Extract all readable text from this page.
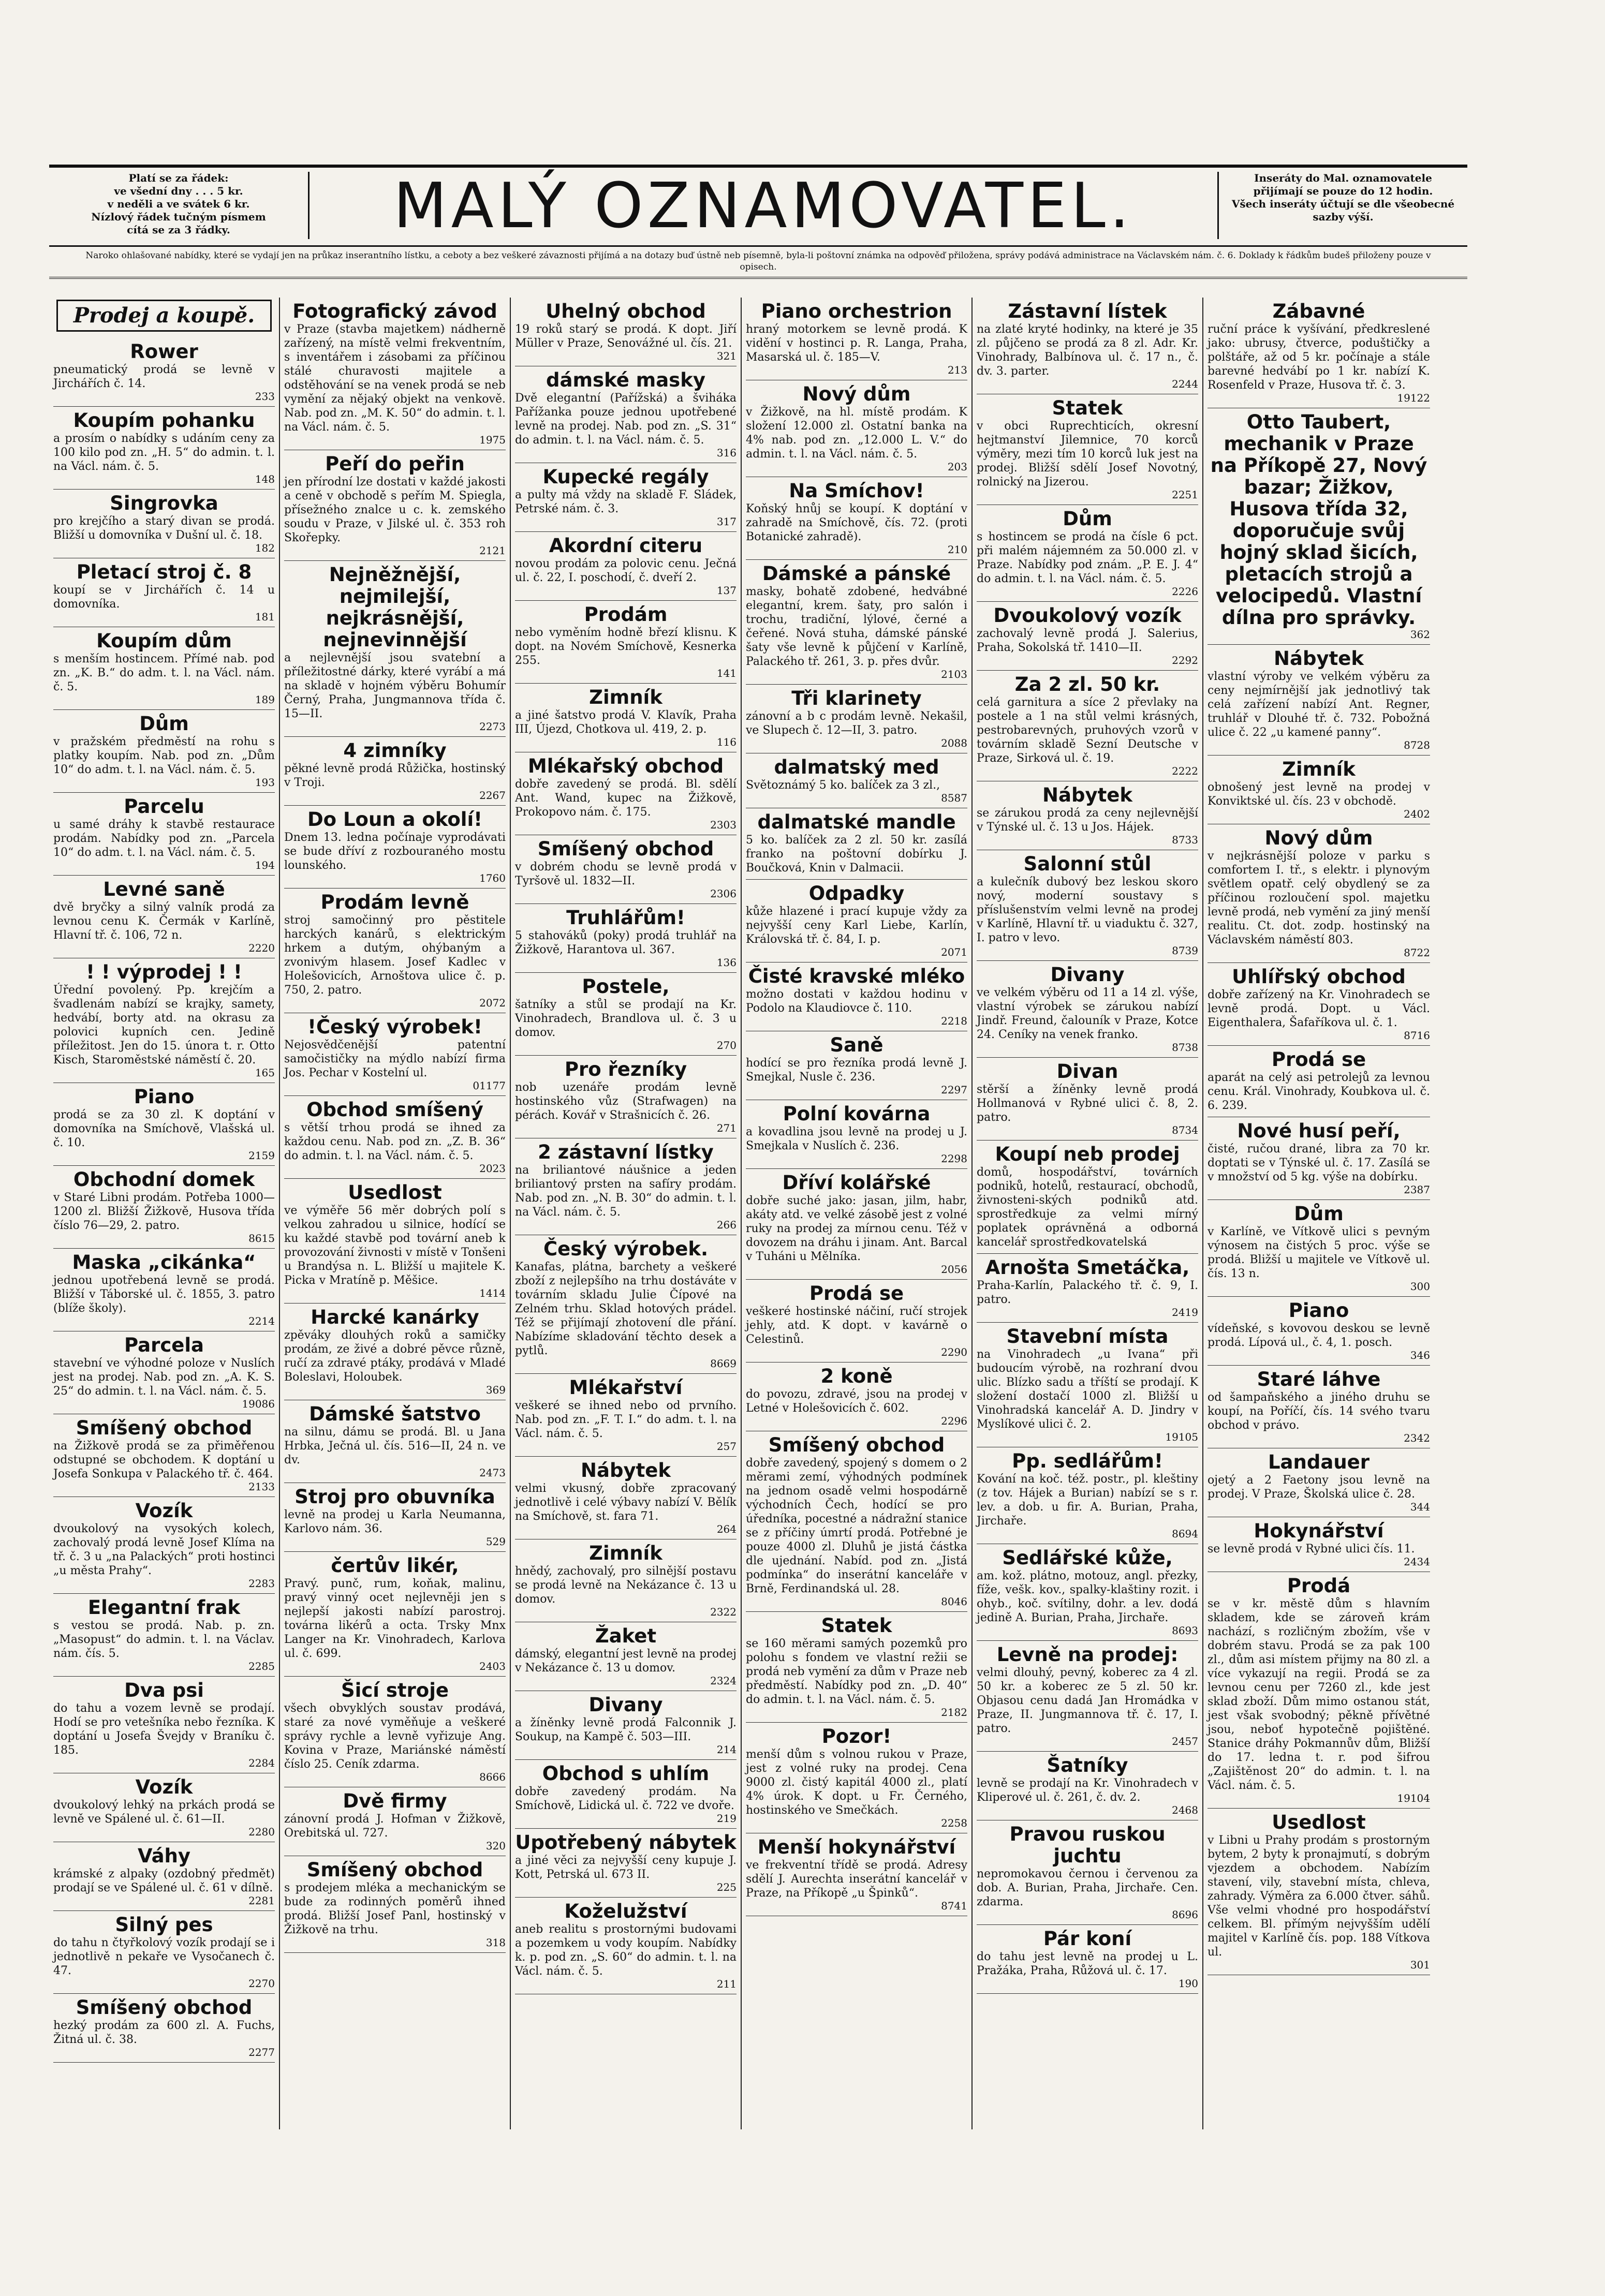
Platí se za řádek:
ve všední dny . . . 5 kr.
v neděli a ve svátek 6 kr.
Nízlový řádek tučným písmem
cítá se za 3 řádky.	MALÝ OZNAMOVATEL.	Inseráty do Mal. oznamovatele
přijímají se pouze do 12 hodin.
Všech inseráty účtují se dle všeobecné sazby výší.
Naroko ohlašované nabídky, které se vydají jen na průkaz inserantního lístku, a ceboty a bez veškeré závaznosti přijímá a na dotazy buď ústně neb písemně, byla-li poštovní známka na odpověď přiložena, správy podává administrace na Václavském nám. č. 6. Doklady k řádkům budeš přiloženy pouze v opisech.
Prodej a koupě.
Rower
pneumatický prodá se levně v Jirchářích č. 14.
233
Koupím pohanku
a prosím o nabídky s udáním ceny za 100 kilo pod zn. „H. 5“ do admin. t. l. na Václ. nám. č. 5.
148
Singrovka
pro krejčího a starý divan se prodá. Bližší u domovníka v Dušní ul. č. 18.
182
Pletací stroj č. 8
koupí se v Jirchářích č. 14 u domovníka.
181
Koupím dům
s menším hostincem. Přímé nab. pod zn. „K. B.“ do adm. t. l. na Václ. nám. č. 5.
189
Dům
v pražském předměstí na rohu s platky koupím. Nab. pod zn. „Dům 10“ do adm. t. l. na Václ. nám. č. 5.
193
Parcelu
u samé dráhy k stavbě restaurace prodám. Nabídky pod zn. „Parcela 10“ do adm. t. l. na Václ. nám. č. 5.
194
Levné saně
dvě bryčky a silný valník prodá za levnou cenu K. Čermák v Karlíně, Hlavní tř. č. 106, 72 n.
2220
! ! výprodej ! !
Úřední povolený. Pp. krejčím a švadlenám nabízí se krajky, samety, hedvábí, borty atd. na okrasu za polovici kupních cen. Jedině příležitost. Jen do 15. února t. r. Otto Kisch, Staroměstské náměstí č. 20.
165
Piano
prodá se za 30 zl. K doptání v domovníka na Smíchově, Vlašská ul. č. 10.
2159
Obchodní domek
v Staré Libni prodám. Potřeba 1000—1200 zl. Bližší Žižkově, Husova třída číslo 76—29, 2. patro.
8615
Maska „cikánka“
jednou upotřebená levně se prodá. Bližší v Táborské ul. č. 1855, 3. patro (blíže školy).
2214
Parcela
stavební ve výhodné poloze v Nuslích jest na prodej. Nab. pod zn. „A. K. S. 25“ do admin. t. l. na Václ. nám. č. 5.
19086
Smíšený obchod
na Žižkově prodá se za přiměřenou odstupné se obchodem. K doptání u Josefa Sonkupa v Palackého tř. č. 464.
2133
Vozík
dvoukolový na vysokých kolech, zachovalý prodá levně Josef Klíma na tř. č. 3 u „na Palackých“ proti hostinci „u města Prahy“.
2283
Elegantní frak
s vestou se prodá. Nab. p. zn. „Masopust“ do admin. t. l. na Václav. nám. čís. 5.
2285
Dva psi
do tahu a vozem levně se prodají. Hodí se pro vetešníka nebo řezníka. K doptání u Josefa Švejdy v Braníku č. 185.
2284
Vozík
dvoukolový lehký na prkách prodá se levně ve Spálené ul. č. 61—II.
2280
Váhy
krámské z alpaky (ozdobný předmět) prodají se ve Spálené ul. č. 61 v dílně.
2281
Silný pes
do tahu n čtyřkolový vozík prodají se i jednotlivě n pekaře ve Vysočanech č. 47.
2270
Smíšený obchod
hezký prodám za 600 zl. A. Fuchs, Žitná ul. č. 38.
2277
Fotografický závod
v Praze (stavba majetkem) nádherně zařízený, na místě velmi frekventním, s inventářem i zásobami za příčinou stálé churavosti majitele a odstěhování se na venek prodá se neb vymění za nějaký objekt na venkově. Nab. pod zn. „M. K. 50“ do admin. t. l. na Václ. nám. č. 5.
1975
Peří do peřin
jen přírodní lze dostati v každé jakosti a ceně v obchodě s peřím M. Spiegla, přísežného znalce u c. k. zemského soudu v Praze, v Jilské ul. č. 353 roh Skořepky.
2121
Nejněžnější, nejmilejší, nejkrásnější, nejnevinnější
a nejlevnější jsou svatební a příležitostné dárky, které vyrábí a má na skladě v hojném výběru Bohumír Černý, Praha, Jungmannova třída č. 15—II.
2273
4 zimníky
pěkné levně prodá Růžička, hostinský v Troji.
2267
Do Loun a okolí!
Dnem 13. ledna počínaje vyprodávati se bude dříví z rozbouraného mostu lounského.
1760
Prodám levně
stroj samočinný pro pěstitele harckých kanárů, s elektrickým hrkem a dutým, ohýbaným a zvonivým hlasem. Josef Kadlec v Holešovicích, Arnoštova ulice č. p. 750, 2. patro.
2072
!Český výrobek!
Nejosvědčenější patentní samočističky na mýdlo nabízí firma Jos. Pechar v Kostelní ul.
01177
Obchod smíšený
s větší trhou prodá se ihned za každou cenu. Nab. pod zn. „Z. B. 36“ do admin. t. l. na Václ. nám. č. 5.
2023
Usedlost
ve výměře 56 měr dobrých polí s velkou zahradou u silnice, hodící se ku každé stavbě pod tovární aneb k provozování živnosti v místě v Tonšeni u Brandýsa n. L. Bližší u majitele K. Picka v Mratíně p. Měšice.
1414
Harcké kanárky
zpěváky dlouhých roků a samičky prodám, ze živé a dobré pěvce různě, ručí za zdravé ptáky, prodává v Mladé Boleslavi, Holoubek.
369
Dámské šatstvo
na silnu, dámu se prodá. Bl. u Jana Hrbka, Ječná ul. čís. 516—II, 24 n. ve dv.
2473
Stroj pro obuvníka
levně na prodej u Karla Neumanna, Karlovo nám. 36.
529
čertův likér,
Pravý. punč, rum, koňak, malinu, pravý vinný ocet nejlevněji jen s nejlepší jakosti nabízí parostroj. továrna likérů a octa. Trsky Mnx Langer na Kr. Vinohradech, Karlova ul. č. 699.
2403
Šicí stroje
všech obvyklých soustav prodává, staré za nové vyměňuje a veškeré správy rychle a levně vyřizuje Ang. Kovina v Praze, Mariánské náměstí číslo 25. Ceník zdarma.
8666
Dvě firmy
zánovní prodá J. Hofman v Žižkově, Orebitská ul. 727.
320
Smíšený obchod
s prodejem mléka a mechanickým se bude za rodinných poměrů ihned prodá. Bližší Josef Panl, hostinský v Žižkově na trhu.
318
Uhelný obchod
19 roků starý se prodá. K dopt. Jiří Müller v Praze, Senovážné ul. čís. 21.
321
dámské masky
Dvě elegantní (Pařížská) a šviháka Pařížanka pouze jednou upotřebené levně na prodej. Nab. pod zn. „S. 31“ do admin. t. l. na Václ. nám. č. 5.
316
Kupecké regály
a pulty má vždy na skladě F. Sládek, Petrské nám. č. 3.
317
Akordní citeru
novou prodám za polovic cenu. Ječná ul. č. 22, I. poschodí, č. dveří 2.
137
Prodám
nebo vyměním hodně březí klisnu. K dopt. na Novém Smíchově, Kesnerka 255.
141
Zimník
a jiné šatstvo prodá V. Klavík, Praha III, Újezd, Chotkova ul. 419, 2. p.
116
Mlékařský obchod
dobře zavedený se prodá. Bl. sdělí Ant. Wand, kupec na Žižkově, Prokopovo nám. č. 175.
2303
Smíšený obchod
v dobrém chodu se levně prodá v Tyršově ul. 1832—II.
2306
Truhlářům!
5 stahováků (poky) prodá truhlář na Žižkově, Harantova ul. 367.
136
Postele,
šatníky a stůl se prodají na Kr. Vinohradech, Brandlova ul. č. 3 u domov.
270
Pro řezníky
nob uzenáře prodám levně hostinského vůz (Strafwagen) na pérách. Kovář v Strašnicích č. 26.
271
2 zástavní lístky
na briliantové náušnice a jeden briliantový prsten na safíry prodám. Nab. pod zn. „N. B. 30“ do admin. t. l. na Václ. nám. č. 5.
266
Český výrobek.
Kanafas, plátna, barchety a veškeré zboží z nejlepšího na trhu dostáváte v továrním skladu Julie Čípové na Zelném trhu. Sklad hotových prádel. Též se přijímají zhotovení dle přání. Nabízíme skladování těchto desek a pytlů.
8669
Mlékařství
veškeré se ihned nebo od prvního. Nab. pod zn. „F. T. I.“ do adm. t. l. na Václ. nám. č. 5.
257
Nábytek
velmi vkusný, dobře zpracovaný jednotlivě i celé výbavy nabízí V. Bělík na Smíchově, st. fara 71.
264
Zimník
hnědý, zachovalý, pro silnější postavu se prodá levně na Nekázance č. 13 u domov.
2322
Žaket
dámský, elegantní jest levně na prodej v Nekázance č. 13 u domov.
2324
Divany
a žíněnky levně prodá Falconnik J. Soukup, na Kampě č. 503—III.
214
Obchod s uhlím
dobře zavedený prodám. Na Smíchově, Lidická ul. č. 722 ve dvoře.
219
Upotřebený nábytek
a jiné věci za nejvyšší ceny kupuje J. Kott, Petrská ul. 673 II.
225
Koželužství
aneb realitu s prostornými budovami a pozemkem u vody koupím. Nabídky k. p. pod zn. „S. 60“ do admin. t. l. na Václ. nám. č. 5.
211
Piano orchestrion
hraný motorkem se levně prodá. K vidění v hostinci p. R. Langa, Praha, Masarská ul. č. 185—V.
213
Nový dům
v Žižkově, na hl. místě prodám. K složení 12.000 zl. Ostatní banka na 4% nab. pod zn. „12.000 L. V.“ do admin. t. l. na Václ. nám. č. 5.
203
Na Smíchov!
Koňský hnůj se koupí. K doptání v zahradě na Smíchově, čís. 72. (proti Botanické zahradě).
210
Dámské a pánské
masky, bohatě zdobené, hedvábné elegantní, krem. šaty, pro salón i trochu, tradiční, lýlové, černé a čeřené. Nová stuha, dámské pánské šaty vše levně k půjčení v Karlíně, Palackého tř. 261, 3. p. přes dvůr.
2103
Tři klarinety
zánovní a b c prodám levně. Nekašil, ve Slupech č. 12—II, 3. patro.
2088
dalmatský med
Světoznámý 5 ko. balíček za 3 zl.,
8587
dalmatské mandle
5 ko. balíček za 2 zl. 50 kr. zasílá franko na poštovní dobírku J. Boučková, Knin v Dalmacii.
Odpadky
kůže hlazené i prací kupuje vždy za nejvyšší ceny Karl Liebe, Karlín, Královská tř. č. 84, I. p.
2071
Čisté kravské mléko
možno dostati v každou hodinu v Podolo na Klaudiovce č. 110.
2218
Saně
hodící se pro řezníka prodá levně J. Smejkal, Nusle č. 236.
2297
Polní kovárna
a kovadlina jsou levně na prodej u J. Smejkala v Nuslích č. 236.
2298
Dříví kolářské
dobře suché jako: jasan, jilm, habr, akáty atd. ve velké zásobě jest z volné ruky na prodej za mírnou cenu. Též v dovozem na dráhu i jinam. Ant. Barcal v Tuháni u Mělníka.
2056
Prodá se
veškeré hostinské náčiní, ručí strojek jehly, atd. K dopt. v kavárně o Celestinů.
2290
2 koně
do povozu, zdravé, jsou na prodej v Letné v Holešovicích č. 602.
2296
Smíšený obchod
dobře zavedený, spojený s domem o 2 měrami zemí, výhodných podmínek na jednom osadě velmi hospodárně východních Čech, hodící se pro úředníka, pocestné a nádražní stanice se z příčiny úmrtí prodá. Potřebné je pouze 4000 zl. Dluhů je jistá částka dle ujednání. Nabíd. pod zn. „Jistá podmínka“ do inserátní kanceláře v Brně, Ferdinandská ul. 28.
8046
Statek
se 160 měrami samých pozemků pro polohu s fondem ve vlastní režii se prodá neb vymění za dům v Praze neb předměstí. Nabídky pod zn. „D. 40“ do admin. t. l. na Václ. nám. č. 5.
2182
Pozor!
menší dům s volnou rukou v Praze, jest z volné ruky na prodej. Cena 9000 zl. čistý kapitál 4000 zl., platí 4% úrok. K dopt. u Fr. Černého, hostinského ve Smečkách.
2258
Menší hokynářství
ve frekventní třídě se prodá. Adresy sdělí J. Aurechta inserátní kancelář v Praze, na Příkopě „u Špinků“.
8741
Zástavní lístek
na zlaté kryté hodinky, na které je 35 zl. půjčeno se prodá za 8 zl. Adr. Kr. Vinohrady, Balbínova ul. č. 17 n., č. dv. 3. parter.
2244
Statek
v obci Ruprechticích, okresní hejtmanství Jilemnice, 70 korců výměry, mezi tím 10 korců luk jest na prodej. Bližší sdělí Josef Novotný, rolnický na Jizerou.
2251
Dům
s hostincem se prodá na čísle 6 pct. při malém nájemném za 50.000 zl. v Praze. Nabídky pod znám. „P. E. J. 4“ do admin. t. l. na Václ. nám. č. 5.
2226
Dvoukolový vozík
zachovalý levně prodá J. Salerius, Praha, Sokolská tř. 1410—II.
2292
Za 2 zl. 50 kr.
celá garnitura a síce 2 převlaky na postele a 1 na stůl velmi krásných, pestrobarevných, pruhových vzorů v továrním skladě Sezní Deutsche v Praze, Sirková ul. č. 19.
2222
Nábytek
se zárukou prodá za ceny nejlevnější v Týnské ul. č. 13 u Jos. Hájek.
8733
Salonní stůl
a kulečník dubový bez leskou skoro nový, moderní soustavy s příslušenstvím velmi levně na prodej v Karlíně, Hlavní tř. u viaduktu č. 327, I. patro v levo.
8739
Divany
ve velkém výběru od 11 a 14 zl. výše, vlastní výrobek se zárukou nabízí Jindř. Freund, čalouník v Praze, Kotce 24. Ceníky na venek franko.
8738
Divan
stěrší a žíněnky levně prodá Hollmanová v Rybné ulici č. 8, 2. patro.
8734
Koupí neb prodej
domů, hospodářství, továrních podniků, hotelů, restaurací, obchodů, živnosteni-ských podniků atd. sprostředkuje za velmi mírný poplatek oprávněná a odborná kancelář sprostředkovatelská
Arnošta Smetáčka,
Praha-Karlín, Palackého tř. č. 9, I. patro.
2419
Stavební místa
na Vinohradech „u Ivana“ při budoucím výrobě, na rozhraní dvou ulic. Blízko sadu a tříští se prodají. K složení dostačí 1000 zl. Bližší u Vinohradská kancelář A. D. Jindry v Myslíkové ulici č. 2.
19105
Pp. sedlářům!
Kování na koč. též. postr., pl. kleštiny (z tov. Hájek a Burian) nabízí se s r. lev. a dob. u fir. A. Burian, Praha, Jirchaře.
8694
Sedlářské kůže,
am. kož. plátno, motouz, angl. přezky, fíže, vešk. kov., spalky-klaštiny rozit. i ohyb., koč. svítilny, dohr. a lev. dodá jedině A. Burian, Praha, Jirchaře.
8693
Levně na prodej:
velmi dlouhý, pevný, koberec za 4 zl. 50 kr. a koberec ze 5 zl. 50 kr. Objasou cenu dadá Jan Hromádka v Praze, II. Jungmannova tř. č. 17, I. patro.
2457
Šatníky
levně se prodají na Kr. Vinohradech v Kliperové ul. č. 261, č. dv. 2.
2468
Pravou ruskou juchtu
nepromokavou černou i červenou za dob. A. Burian, Praha, Jirchaře. Cen. zdarma.
8696
Pár koní
do tahu jest levně na prodej u L. Pražáka, Praha, Růžová ul. č. 17.
190
Zábavné
ruční práce k vyšívání, předkreslené jako: ubrusy, čtverce, poduštičky a polštáře, až od 5 kr. počínaje a stále barevné hedvábí po 1 kr. nabízí K. Rosenfeld v Praze, Husova tř. č. 3.
19122
Otto Taubert, mechanik v Praze na Příkopě 27, Nový bazar; Žižkov, Husova třída 32, doporučuje svůj hojný sklad šicích, pletacích strojů a velocipedů. Vlastní dílna pro správky.
362
Nábytek
vlastní výroby ve velkém výběru za ceny nejmírnější jak jednotlivý tak celá zařízení nabízí Ant. Regner, truhlář v Dlouhé tř. č. 732. Pobožná ulice č. 22 „u kamené panny“.
8728
Zimník
obnošený jest levně na prodej v Konviktské ul. čís. 23 v obchodě.
2402
Nový dům
v nejkrásnější poloze v parku s comfortem I. tř., s elektr. i plynovým světlem opatř. celý obydlený se za příčinou rozloučení spol. majetku levně prodá, neb vymění za jiný menší realitu. Ct. dot. zodp. hostinský na Václavském náměstí 803.
8722
Uhlířský obchod
dobře zařízený na Kr. Vinohradech se levně prodá. Dopt. u Václ. Eigenthalera, Šafaříkova ul. č. 1.
8716
Prodá se
aparát na celý asi petrolejů za levnou cenu. Král. Vinohrady, Koubkova ul. č. 6. 239.
Nové husí peří,
čisté, ručou drané, libra za 70 kr. doptati se v Týnské ul. č. 17. Zasílá se v množství od 5 kg. výše na dobírku.
2387
Dům
v Karlíně, ve Vítkově ulici s pevným výnosem na čistých 5 proc. výše se prodá. Bližší u majitele ve Vítkově ul. čís. 13 n.
300
Piano
vídeňské, s kovovou deskou se levně prodá. Lípová ul., č. 4, 1. posch.
346
Staré láhve
od šampaňského a jiného druhu se koupí, na Poříčí, čís. 14 svého tvaru obchod v právo.
2342
Landauer
ojetý a 2 Faetony jsou levně na prodej. V Praze, Školská ulice č. 28.
344
Hokynářství
se levně prodá v Rybné ulici čís. 11.
2434
Prodá
se v kr. městě dům s hlavním skladem, kde se zároveň krám nachází, s rozličným zbožím, vše v dobrém stavu. Prodá se za pak 100 zl., dům asi místem přijmy na 80 zl. a více vykazují na regii. Prodá se za levnou cenu per 7260 zl., kde jest sklad zboží. Dům mimo ostanou stát, jest však svobodný; pěkně přívětné jsou, neboť hypotečně pojištěné. Stanice dráhy Pokmannův dům, Bližší do 17. ledna t. r. pod šifrou „Zajištěnost 20“ do admin. t. l. na Václ. nám. č. 5.
19104
Usedlost
v Libni u Prahy prodám s prostorným bytem, 2 byty k pronajmutí, s dobrým vjezdem a obchodem. Nabízím stavení, vily, stavební místa, chleva, zahrady. Výměra za 6.000 čtver. sáhů. Vše velmi vhodné pro hospodářství celkem. Bl. přímým nejvyšším udělí majitel v Karlíně čís. pop. 188 Vítkova ul.
301
